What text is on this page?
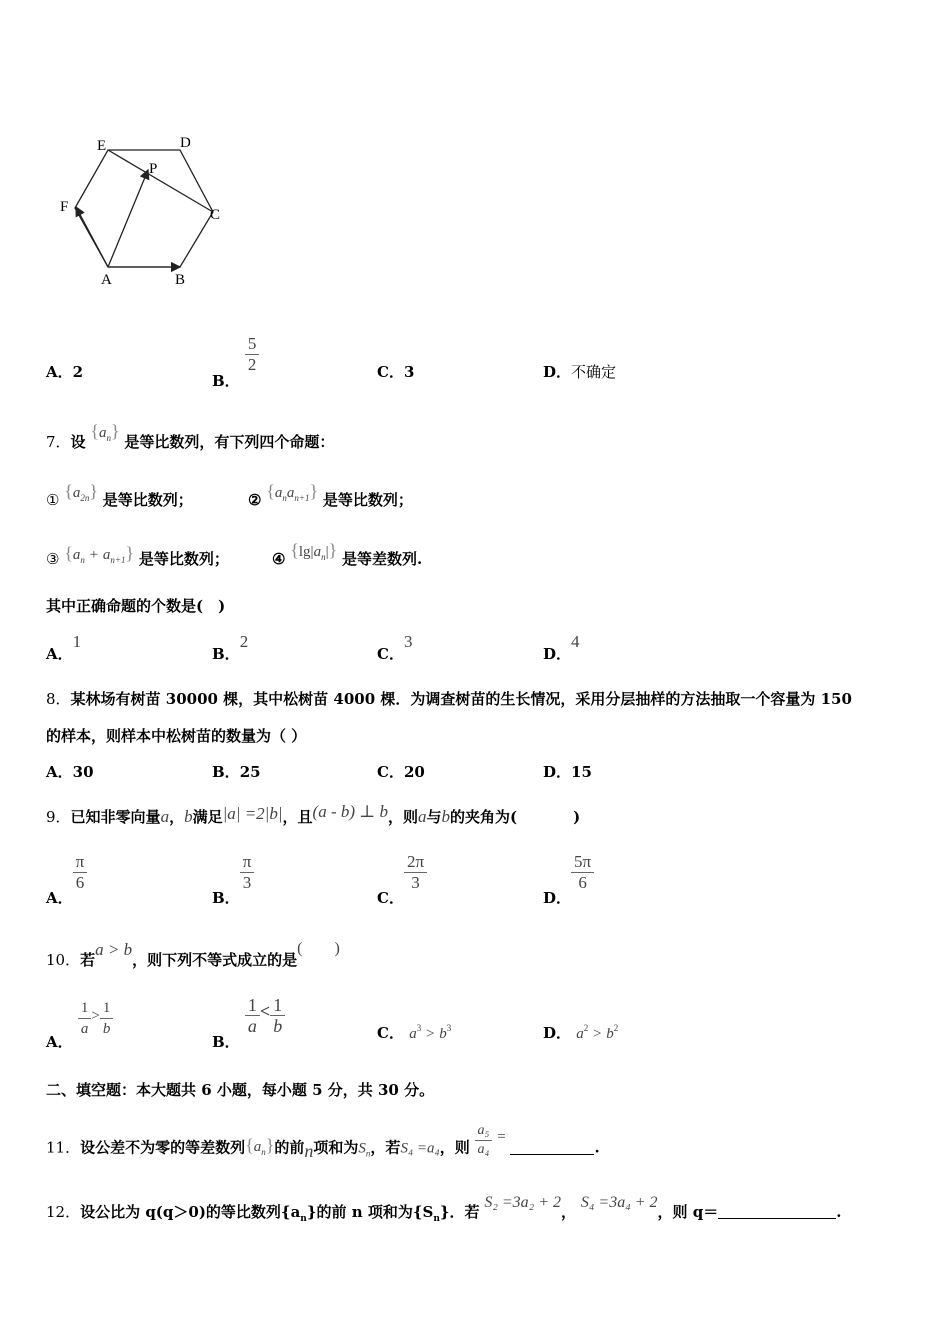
E	D
P
F	C
A	B
A．2	B．
$\frac{5}{2}$	C．3	D．不确定
7．设 $\{a_n\}$ 是等比数列，有下列四个命题：
① $\{a_{2n}\}$ 是等比数列；	② $\{a_na_{n+1}\}$ 是等比数列；
③ $\{a_n + a_{n+1}\}$ 是等比数列；	④ $\{\lg|a_n|\}$ 是等差数列.
其中正确命题的个数是(　)
A．1
B．2
C．3
D．4
8．某林场有树苗 30000 棵，其中松树苗 4000 棵．为调查树苗的生长情况，采用分层抽样的方法抽取一个容量为 150
的样本，则样本中松树苗的数量为（ ）
A．30	B．25	C．20	D．15
9．已知非零向量a，b满足|a| =2|b|，且(a - b) ⊥ b，则a与b的夹角为(	)
A．
$\frac{\pi}{6}$
B．
$\frac{\pi}{3}$
C．
$\frac{2\pi}{3}$
D．
$\frac{5\pi}{6}$
10．若a > b，则下列不等式成立的是(　　)
A．
$\frac{1}{a} > \frac{1}{b}$
B．
$\frac{1}{a} < \frac{1}{b}$	C． $a^3 > b^3$	D． $a^2 > b^2$
二、填空题：本大题共 6 小题，每小题 5 分，共 30 分。
11．设公差不为零的等差数列$\{a_n\}$的前n项和为$S_n$，若S₄ =a₄，则 $\frac{\text{a₅}}{\text{a₄}}$ = .
12．设公比为 q(q＞0)的等比数列$\{a_n\}$的前 n 项和为$\{S_n\}$．若 S₂ =3a₂ + 2， S₄ =3a₄ + 2，则 q＝	.
